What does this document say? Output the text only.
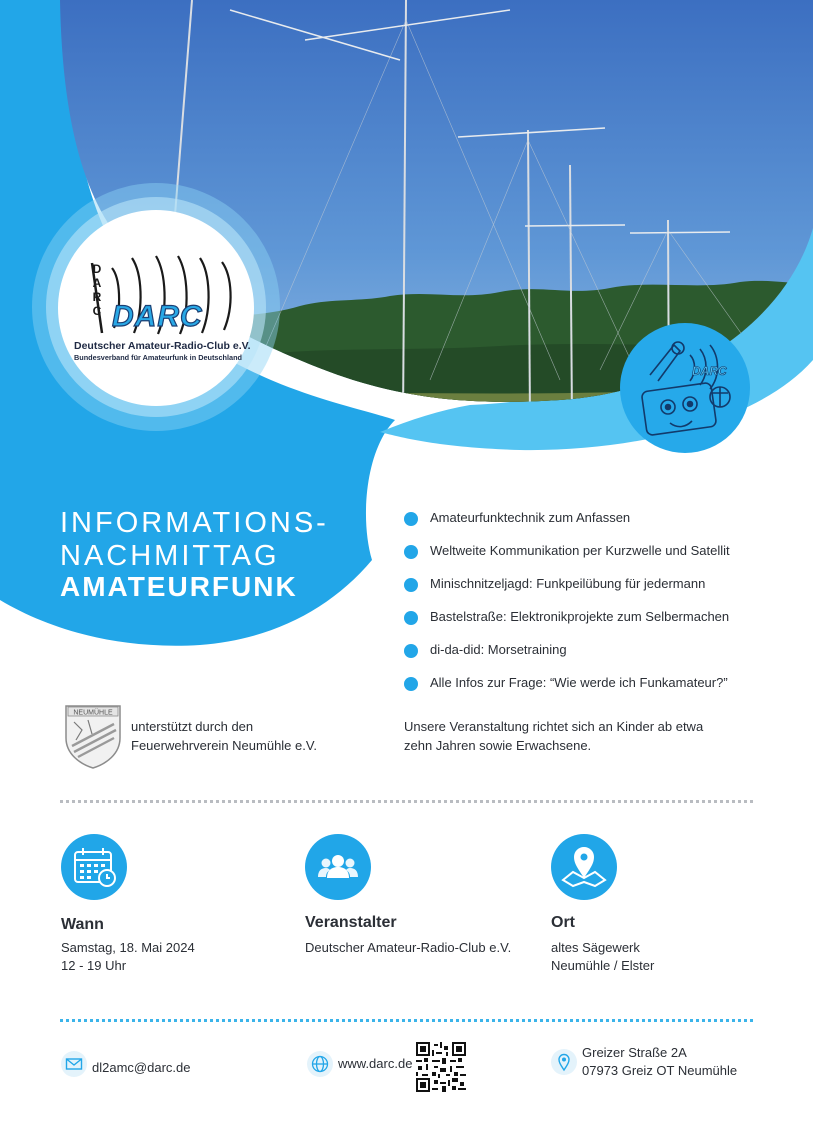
D
A
R
C DARC
Deutscher Amateur-Radio-Club e.V.
Bundesverband für Amateurfunk in Deutschland
DARC
INFORMATIONS-
NACHMITTAG
AMATEURFUNK
Amateurfunktechnik zum Anfassen
Weltweite Kommunikation per Kurzwelle und Satellit
Minischnitzeljagd: Funkpeilübung für jedermann
Bastelstraße: Elektronikprojekte zum Selbermachen
di-da-did: Morsetraining
Alle Infos zur Frage: “Wie werde ich Funkamateur?”
Unsere Veranstaltung richtet sich an Kinder ab etwa
zehn Jahren sowie Erwachsene.
NEUMÜHLE
unterstützt durch den
Feuerwehrverein Neumühle e.V.
Wann
Samstag, 18. Mai 2024
12 - 19 Uhr
Veranstalter
Deutscher Amateur-Radio-Club e.V.
Ort
altes Sägewerk
Neumühle / Elster
dl2amc@darc.de	www.darc.de
Greizer Straße 2A
07973 Greiz OT Neumühle
